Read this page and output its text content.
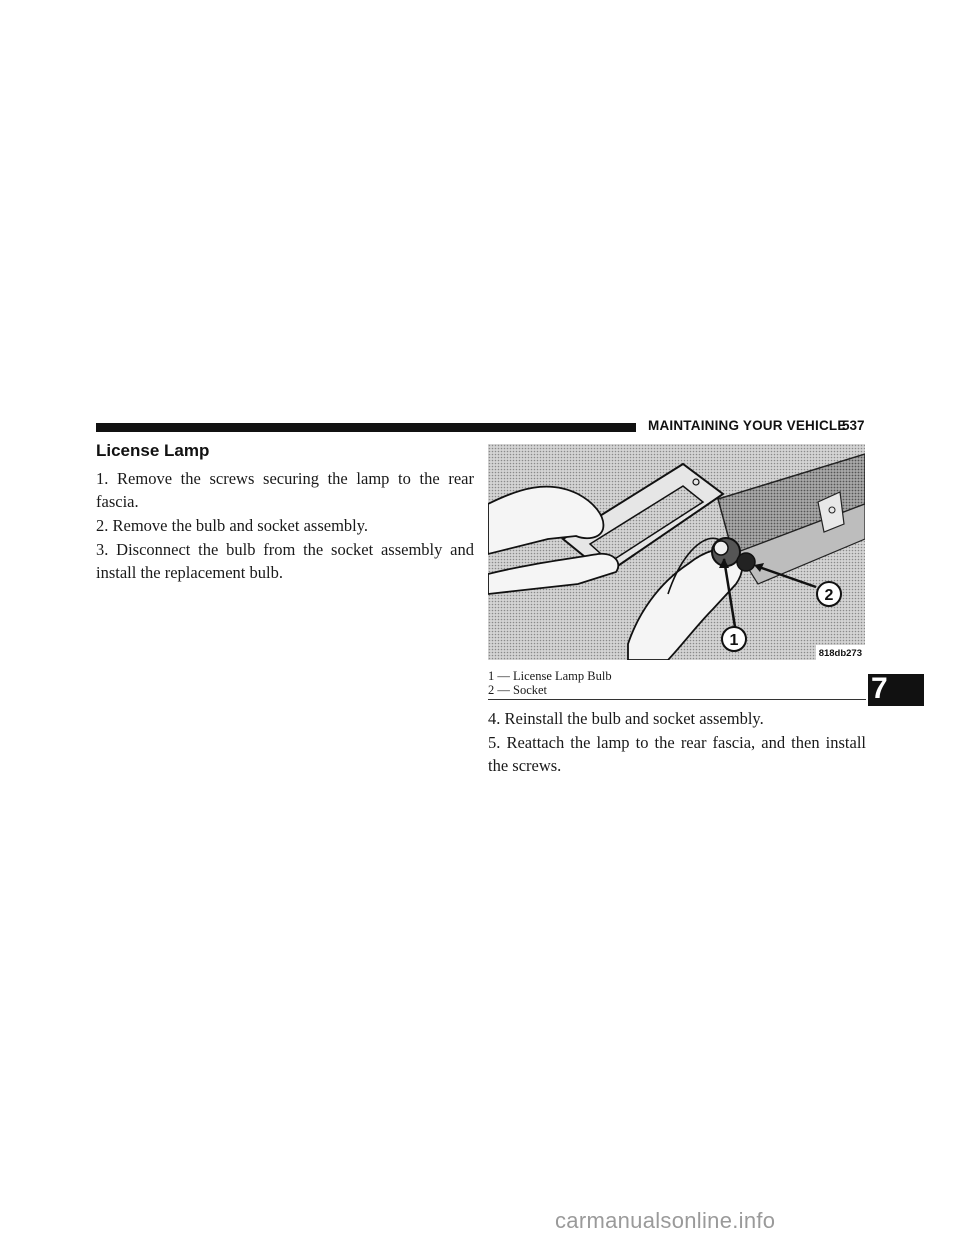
MAINTAINING YOUR VEHICLE
537
License Lamp
1. Remove the screws securing the lamp to the rear fascia.
2. Remove the bulb and socket assembly.
3. Disconnect the bulb from the socket assembly and install the replacement bulb.
1
2
818db273
1 — License Lamp Bulb
2 — Socket	7
4. Reinstall the bulb and socket assembly.
5. Reattach the lamp to the rear fascia, and then install the screws.
carmanualsonline.info
